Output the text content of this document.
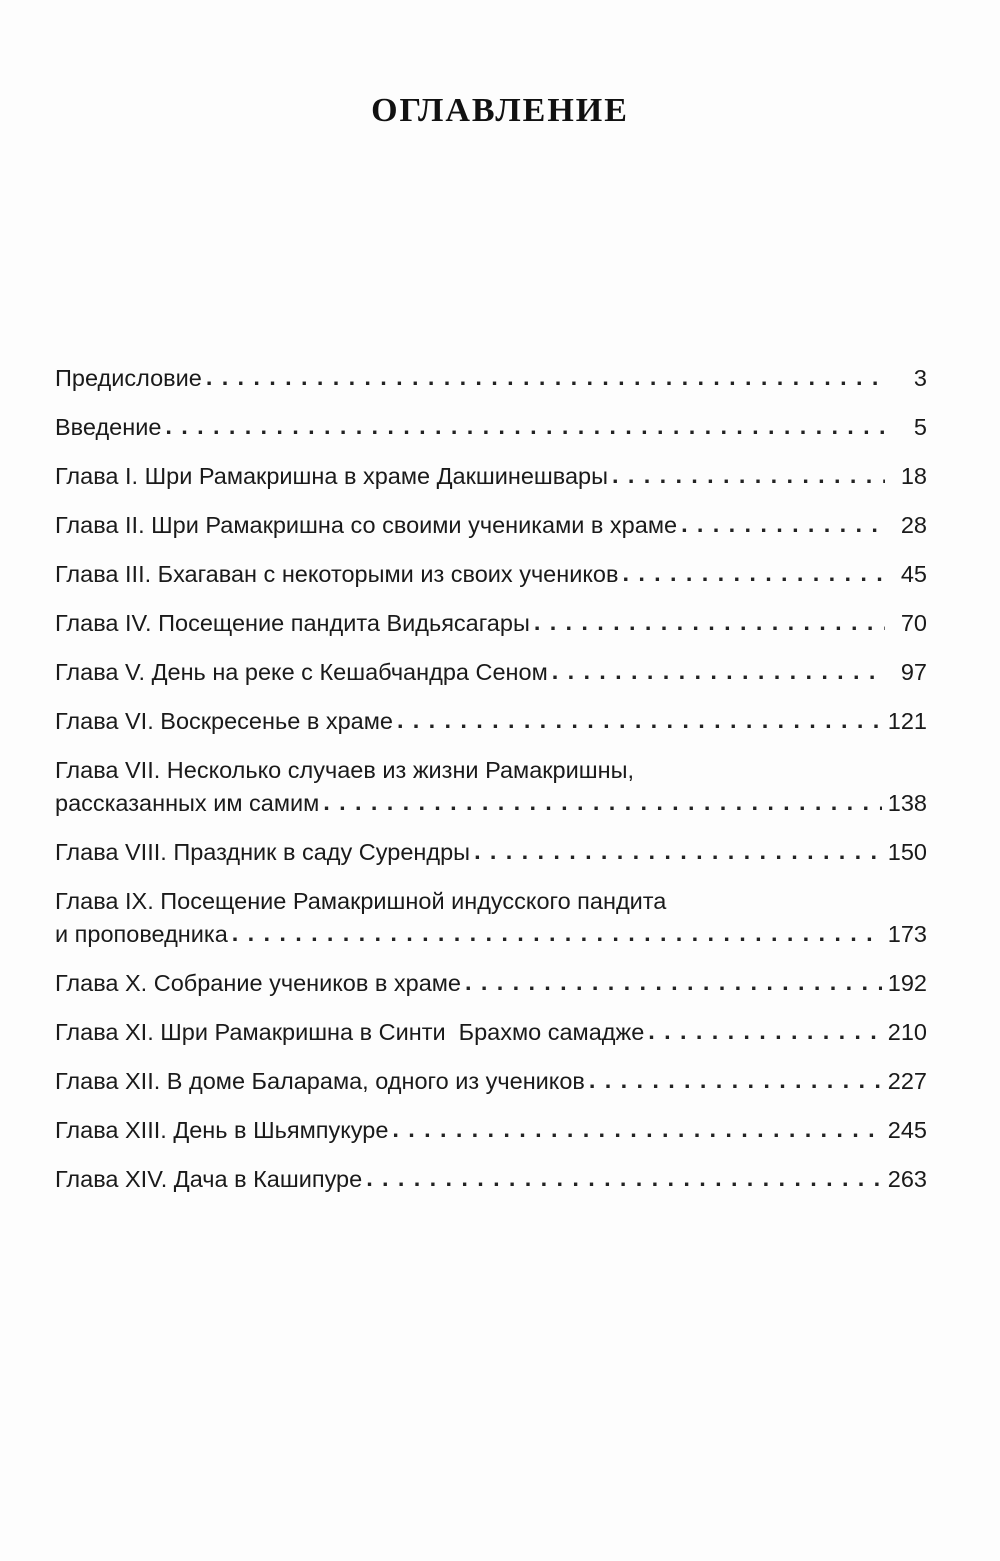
ОГЛАВЛЕНИЕ
Предисловие . . .	3
Введение . . .	5
Глава I. Шри Рамакришна в храме Дакшинешвары . . .	18
Глава II. Шри Рамакришна со своими учениками в храме . . .	28
Глава III. Бхагаван с некоторыми из своих учеников . . .	45
Глава IV. Посещение пандита Видьясагары . . .	70
Глава V. День на реке с Кешабчандра Сеном . . .	97
Глава VI. Воскресенье в храме . . .	121
Глава VII. Несколько случаев из жизни Рамакришны,
рассказанных им самим . . .	138
Глава VIII. Праздник в саду Сурендры . . .	150
Глава IX. Посещение Рамакришной индусского пандита
и проповедника . . .	173
Глава X. Собрание учеников в храме . . .	192
Глава XI. Шри Рамакришна в Синти  Брахмо самадже . . .	210
Глава XII. В доме Баларама, одного из учеников . . .	227
Глава XIII. День в Шьямпукуре . . .	245
Глава XIV. Дача в Кашипуре . . .	263
